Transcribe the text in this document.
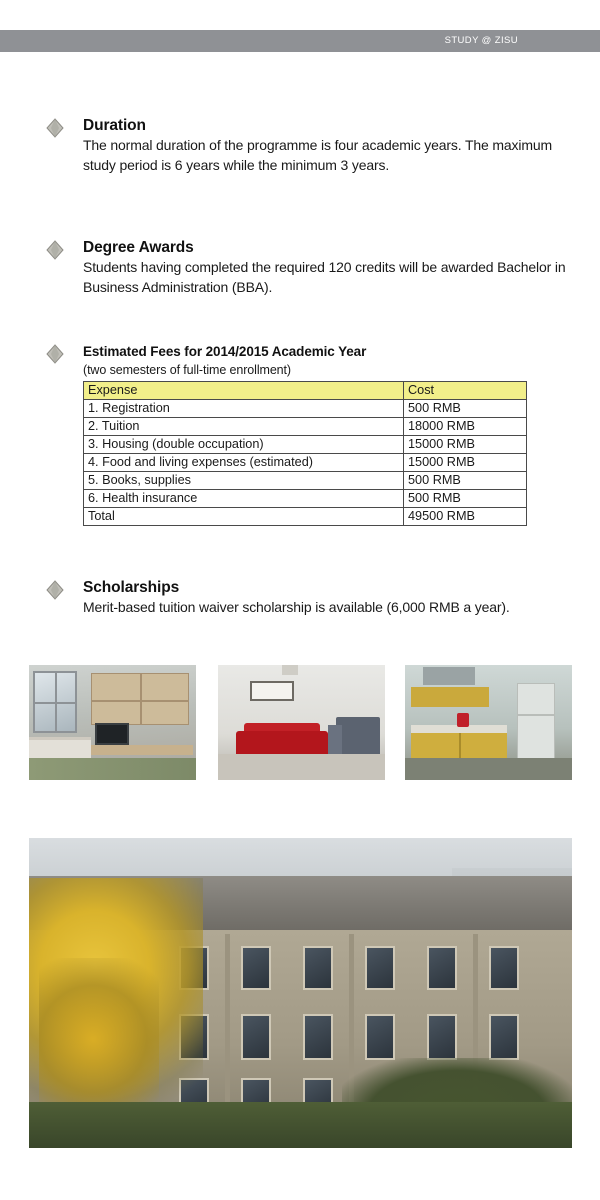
STUDY @ ZISU
Duration
The normal duration of the programme is four academic years. The maximum study period is 6 years while the minimum 3 years.
Degree Awards
Students having completed the required 120 credits will be awarded Bachelor in Business Administration (BBA).
Estimated Fees for 2014/2015 Academic Year
(two semesters of full-time enrollment)
Expense	Cost
1. Registration	500 RMB
2. Tuition	18000 RMB
3. Housing (double occupation)	15000 RMB
4. Food and living expenses (estimated)	15000 RMB
5. Books, supplies	500 RMB
6. Health insurance	500 RMB
Total	49500 RMB
Scholarships
Merit-based tuition waiver scholarship is available (6,000 RMB a year).
